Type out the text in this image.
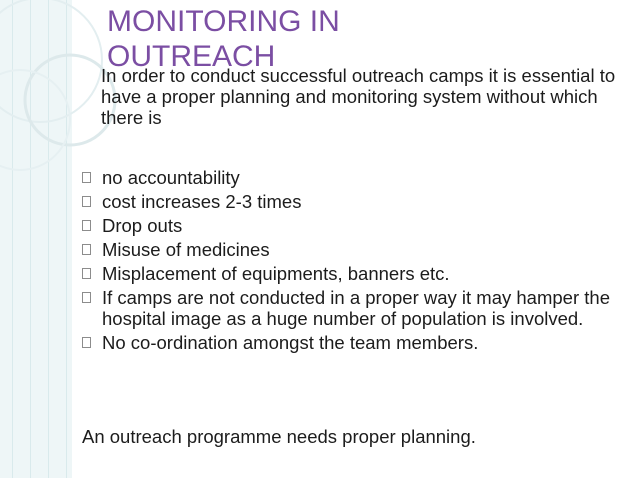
MONITORING IN
OUTREACH
In order to conduct successful outreach camps it is essential to have a proper planning and monitoring system without which there is
no accountability
cost increases 2-3 times
Drop outs
Misuse of medicines
Misplacement of equipments, banners etc.
If camps are not conducted in a proper way it may hamper the hospital image as a huge number of population is involved.
No co-ordination amongst the team members.
An outreach programme needs proper planning.
